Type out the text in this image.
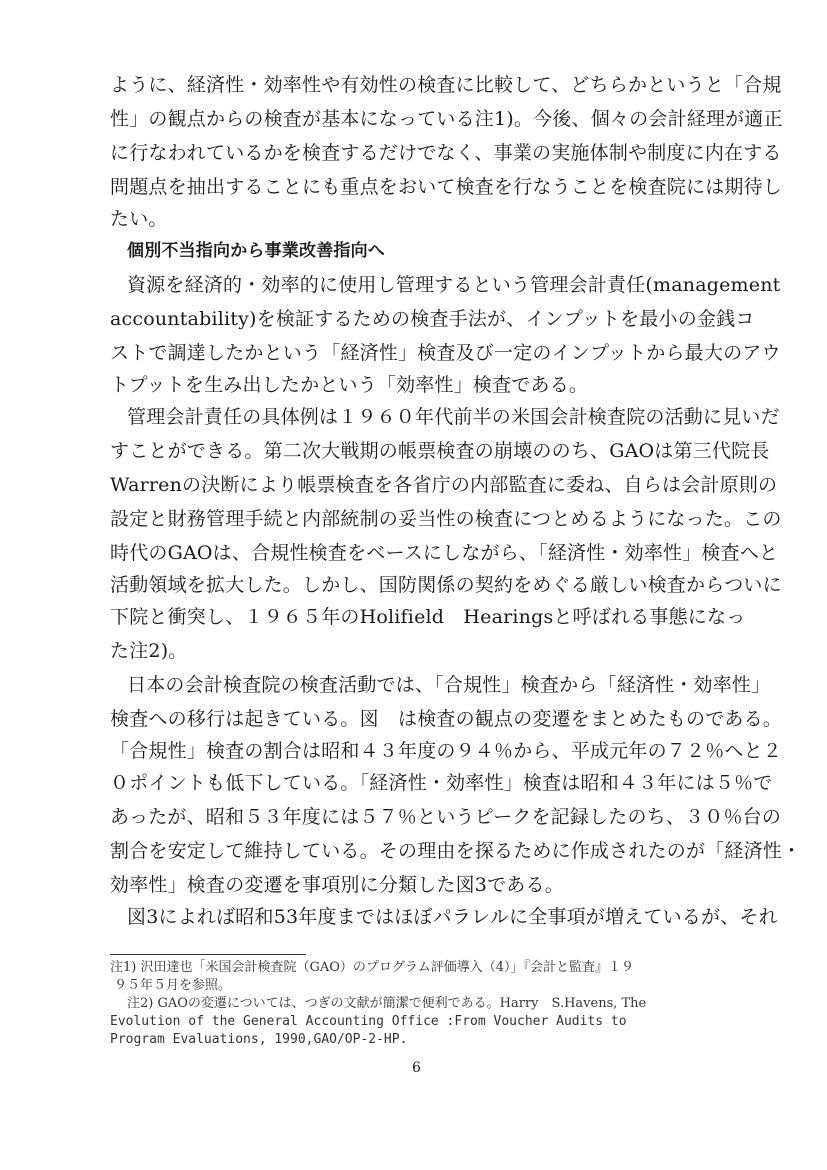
ように、経済性・効率性や有効性の検査に比較して、どちらかというと「合規
性」の観点からの検査が基本になっている注1)。今後、個々の会計経理が適正
に行なわれているかを検査するだけでなく、事業の実施体制や制度に内在する
問題点を抽出することにも重点をおいて検査を行なうことを検査院には期待し
たい。
個別不当指向から事業改善指向へ
資源を経済的・効率的に使用し管理するという管理会計責任(management
accountability)を検証するための検査手法が、インプットを最小の金銭コ
ストで調達したかという「経済性」検査及び一定のインプットから最大のアウ
トプットを生み出したかという「効率性」検査である。
管理会計責任の具体例は１９６０年代前半の米国会計検査院の活動に見いだ
すことができる。第二次大戦期の帳票検査の崩壊ののち、GAOは第三代院長
Warrenの決断により帳票検査を各省庁の内部監査に委ね、自らは会計原則の
設定と財務管理手続と内部統制の妥当性の検査につとめるようになった。この
時代のGAOは、合規性検査をベースにしながら、「経済性・効率性」検査へと
活動領域を拡大した。しかし、国防関係の契約をめぐる厳しい検査からついに
下院と衝突し、１９６５年のHolifield　Hearingsと呼ばれる事態になっ
た注2)。
日本の会計検査院の検査活動では、「合規性」検査から「経済性・効率性」
検査への移行は起きている。図　は検査の観点の変遷をまとめたものである。
「合規性」検査の割合は昭和４３年度の９４％から、平成元年の７２％へと２
０ポイントも低下している。「経済性・効率性」検査は昭和４３年には５％で
あったが、昭和５３年度には５７％というピークを記録したのち、３０％台の
割合を安定して維持している。その理由を探るために作成されたのが「経済性・
効率性」検査の変遷を事項別に分類した図3である。
図3によれば昭和53年度まではほぼパラレルに全事項が増えているが、それ
注1) 沢田達也「米国会計検査院（GAO）のプログラム評価導入（4）」『会計と監査』１９
９５年５月を参照。
注2) GAOの変遷については、つぎの文献が簡潔で便利である。Harry　S.Havens, The
Evolution of the General Accounting Office :From Voucher Audits to
Program Evaluations, 1990,GAO/OP-2-HP.
6
